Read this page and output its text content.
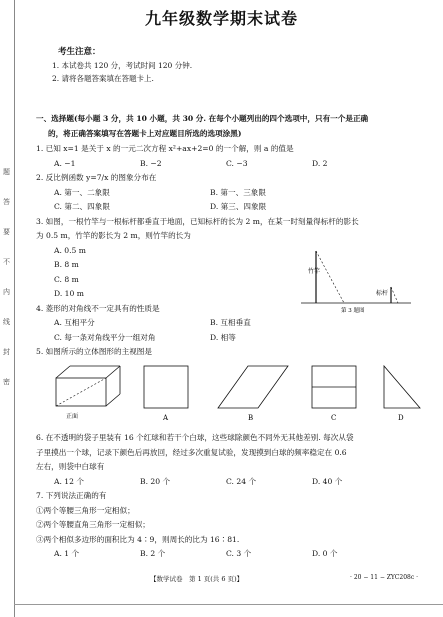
题
答
要
不
内
线
封
密
九年级数学期末试卷
考生注意：
1. 本试卷共 120 分，考试时间 120 分钟.
2. 请将各题答案填在答题卡上.
一、选择题(每小题 3 分，共 10 小题，共 30 分. 在每个小题列出的四个选项中，只有一个是正确
的，将正确答案填写在答题卡上对应题目所选的选项涂黑)
1. 已知 x=1 是关于 x 的一元二次方程 x²+ax+2=0 的一个解，则 a 的值是
A. −1	B. −2	C. −3	D. 2
2. 反比例函数 y=7/x 的图象分布在
A. 第一、二象限	B. 第一、三象限
C. 第二、四象限	D. 第三、四象限
3. 如图，一根竹竿与一根标杆都垂直于地面，已知标杆的长为 2 m，在某一时刻量得标杆的影长
为 0.5 m，竹竿的影长为 2 m，则竹竿的长为
A. 0.5 m
B. 8 m
C. 8 m
D. 10 m
竹竿
标杆
第 3 题图
4. 菱形的对角线不一定具有的性质是
A. 互相平分	B. 互相垂直
C. 每一条对角线平分一组对角	D. 相等
5. 如图所示的立体图形的主视图是
正面	A	B	C	D
6. 在不透明的袋子里装有 16 个红球和若干个白球，这些球除颜色不同外无其他差别. 每次从袋
子里摸出一个球，记录下颜色后再放回，经过多次重复试验，发现摸到白球的频率稳定在 0.6
左右，则袋中白球有
A. 12 个	B. 20 个	C. 24 个	D. 40 个
7. 下列说法正确的有
①两个等腰三角形一定相似；
②两个等腰直角三角形一定相似；
③两个相似多边形的面积比为 4∶9，则周长的比为 16∶81.
A. 1 个	B. 2 个	C. 3 个	D. 0 个
【数学试卷　第 1 页(共 6 页)】	· 20 − 11 − ZYC208c ·
